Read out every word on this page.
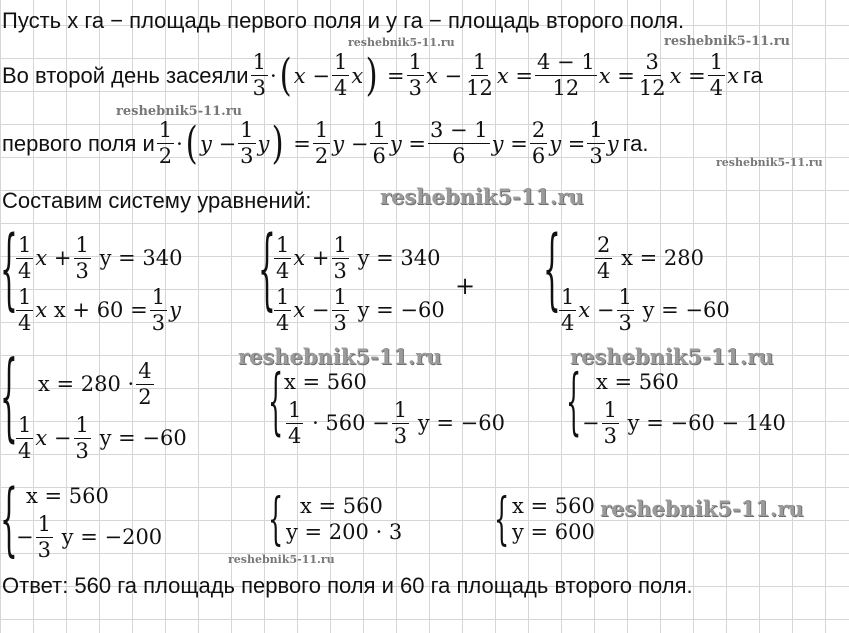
Пусть x га − площадь первого поля и y га − площадь второго поля.
Во второй день засеяли $\frac{1}{3}$ · ( x
− $\frac{1}{4}$ x )
= $\frac{1}{3}$ x
− $\frac{1}{12}$ x
= $\frac{4 - 1}{12}$ x
= $\frac{3}{12}$ x
= $\frac{1}{4}$ x га
первого поля и $\frac{1}{2}$ · ( y
− $\frac{1}{3}$ y )
= $\frac{1}{2}$ y
− $\frac{1}{6}$ y
= $\frac{3 - 1}{6}$ y
= $\frac{2}{6}$ y
= $\frac{1}{3}$ y га.
Составим систему уравнений:
{
$\frac{1}{4}$ x
+ $\frac{1}{3}$
y = 340
$\frac{1}{4}$ x
$x + 60 = \frac{1}{3}$ y {
$\frac{1}{4}$ x
+ $\frac{1}{3}$
y = 340
$\frac{1}{4}$ x
− $\frac{1}{3}$
y = −60
+ { $\frac{2}{4}$
x = 280
$\frac{1}{4}$ x
− $\frac{1}{3}$
y = −60
{ $x = 280 \cdot \frac{4}{2}$
$\frac{1}{4}$ x
− $\frac{1}{3}$
y = −60 { x = 560
$\frac{1}{4}$
· $560 - \frac{1}{3}$
y = −60 { x = 560
− $\frac{1}{3}$
y = −60 − 140
{ x = 560
− $\frac{1}{3}$
y = −200	{ x = 560
y = 200 · 3 { x = 560
y = 600
Ответ: 560 га площадь первого поля и 60 га площадь второго поля.
reshebnik5-11.ru	reshebnik5-11.ru
reshebnik5-11.ru
reshebnik5-11.ru
reshebnik5-11.ru
reshebnik5-11.ru	reshebnik5-11.ru
reshebnik5-11.ru
reshebnik5-11.ru
